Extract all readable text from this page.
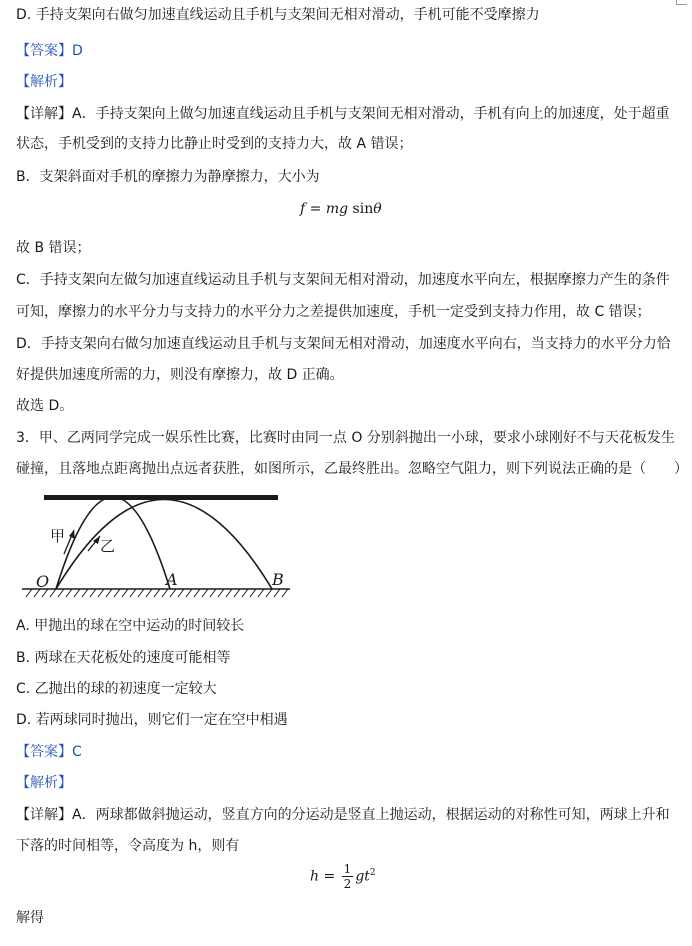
D. 手持支架向右做匀加速直线运动且手机与支架间无相对滑动，手机可能不受摩擦力
【答案】D
【解析】
【详解】A．手持支架向上做匀加速直线运动且手机与支架间无相对滑动，手机有向上的加速度，处于超重
状态，手机受到的支持力比静止时受到的支持力大，故 A 错误；
B．支架斜面对手机的摩擦力为静摩擦力，大小为
f = mg sinθ
故 B 错误；
C．手持支架向左做匀加速直线运动且手机与支架间无相对滑动，加速度水平向左，根据摩擦力产生的条件
可知，摩擦力的水平分力与支持力的水平分力之差提供加速度，手机一定受到支持力作用，故 C 错误；
D．手持支架向右做匀加速直线运动且手机与支架间无相对滑动，加速度水平向右，当支持力的水平分力恰
好提供加速度所需的力，则没有摩擦力，故 D 正确。
故选 D。
3．甲、乙两同学完成一娱乐性比赛，比赛时由同一点 O 分别斜抛出一小球，要求小球刚好不与天花板发生
碰撞，且落地点距离抛出点远者获胜，如图所示，乙最终胜出。忽略空气阻力，则下列说法正确的是（　　）
甲
乙
O	A	B
A. 甲抛出的球在空中运动的时间较长
B. 两球在天花板处的速度可能相等
C. 乙抛出的球的初速度一定较大
D. 若两球同时抛出，则它们一定在空中相遇
【答案】C
【解析】
【详解】A．两球都做斜抛运动，竖直方向的分运动是竖直上抛运动，根据运动的对称性可知，两球上升和
下落的时间相等，令高度为 h，则有
$h = \frac{1}{2} gt^2$
解得
